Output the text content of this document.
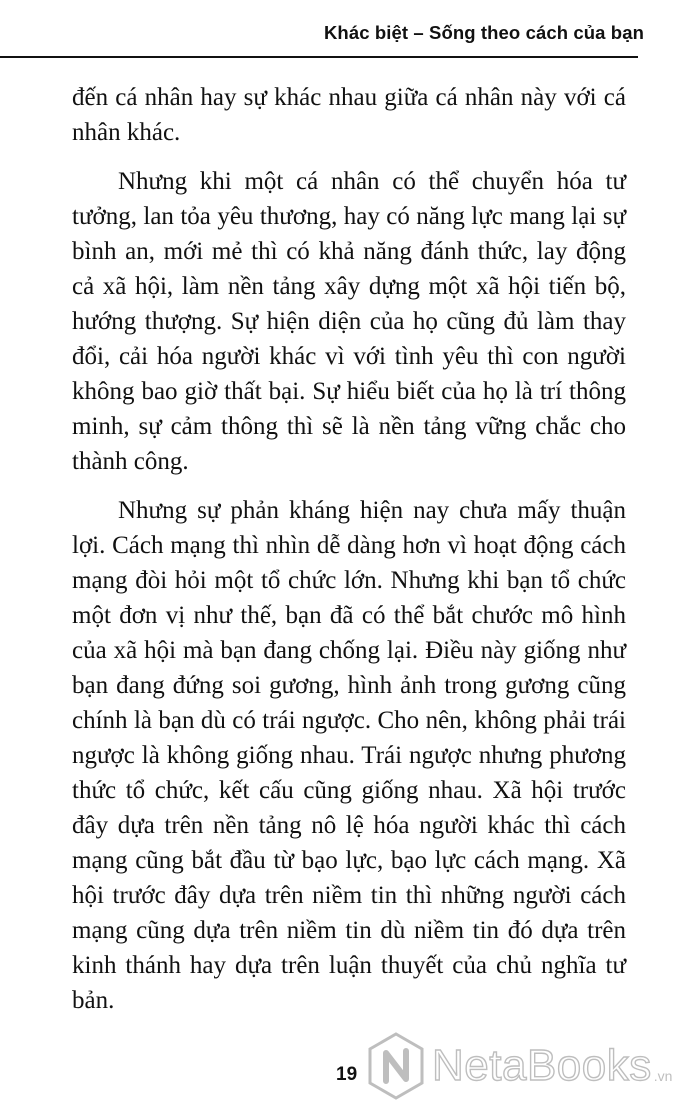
Khác biệt – Sống theo cách của bạn

đến cá nhân hay sự khác nhau giữa cá nhân này với cá nhân khác.

Nhưng khi một cá nhân có thể chuyển hóa tư tưởng, lan tỏa yêu thương, hay có năng lực mang lại sự bình an, mới mẻ thì có khả năng đánh thức, lay động cả xã hội, làm nền tảng xây dựng một xã hội tiến bộ, hướng thượng. Sự hiện diện của họ cũng đủ làm thay đổi, cải hóa người khác vì với tình yêu thì con người không bao giờ thất bại. Sự hiểu biết của họ là trí thông minh, sự cảm thông thì sẽ là nền tảng vững chắc cho thành công.

Nhưng sự phản kháng hiện nay chưa mấy thuận lợi. Cách mạng thì nhìn dễ dàng hơn vì hoạt động cách mạng đòi hỏi một tổ chức lớn. Nhưng khi bạn tổ chức một đơn vị như thế, bạn đã có thể bắt chước mô hình của xã hội mà bạn đang chống lại. Điều này giống như bạn đang đứng soi gương, hình ảnh trong gương cũng chính là bạn dù có trái ngược. Cho nên, không phải trái ngược là không giống nhau. Trái ngược nhưng phương thức tổ chức, kết cấu cũng giống nhau. Xã hội trước đây dựa trên nền tảng nô lệ hóa người khác thì cách mạng cũng bắt đầu từ bạo lực, bạo lực cách mạng. Xã hội trước đây dựa trên niềm tin thì những người cách mạng cũng dựa trên niềm tin dù niềm tin đó dựa trên kinh thánh hay dựa trên luận thuyết của chủ nghĩa tư bản.

19 NetaBooks .vn
